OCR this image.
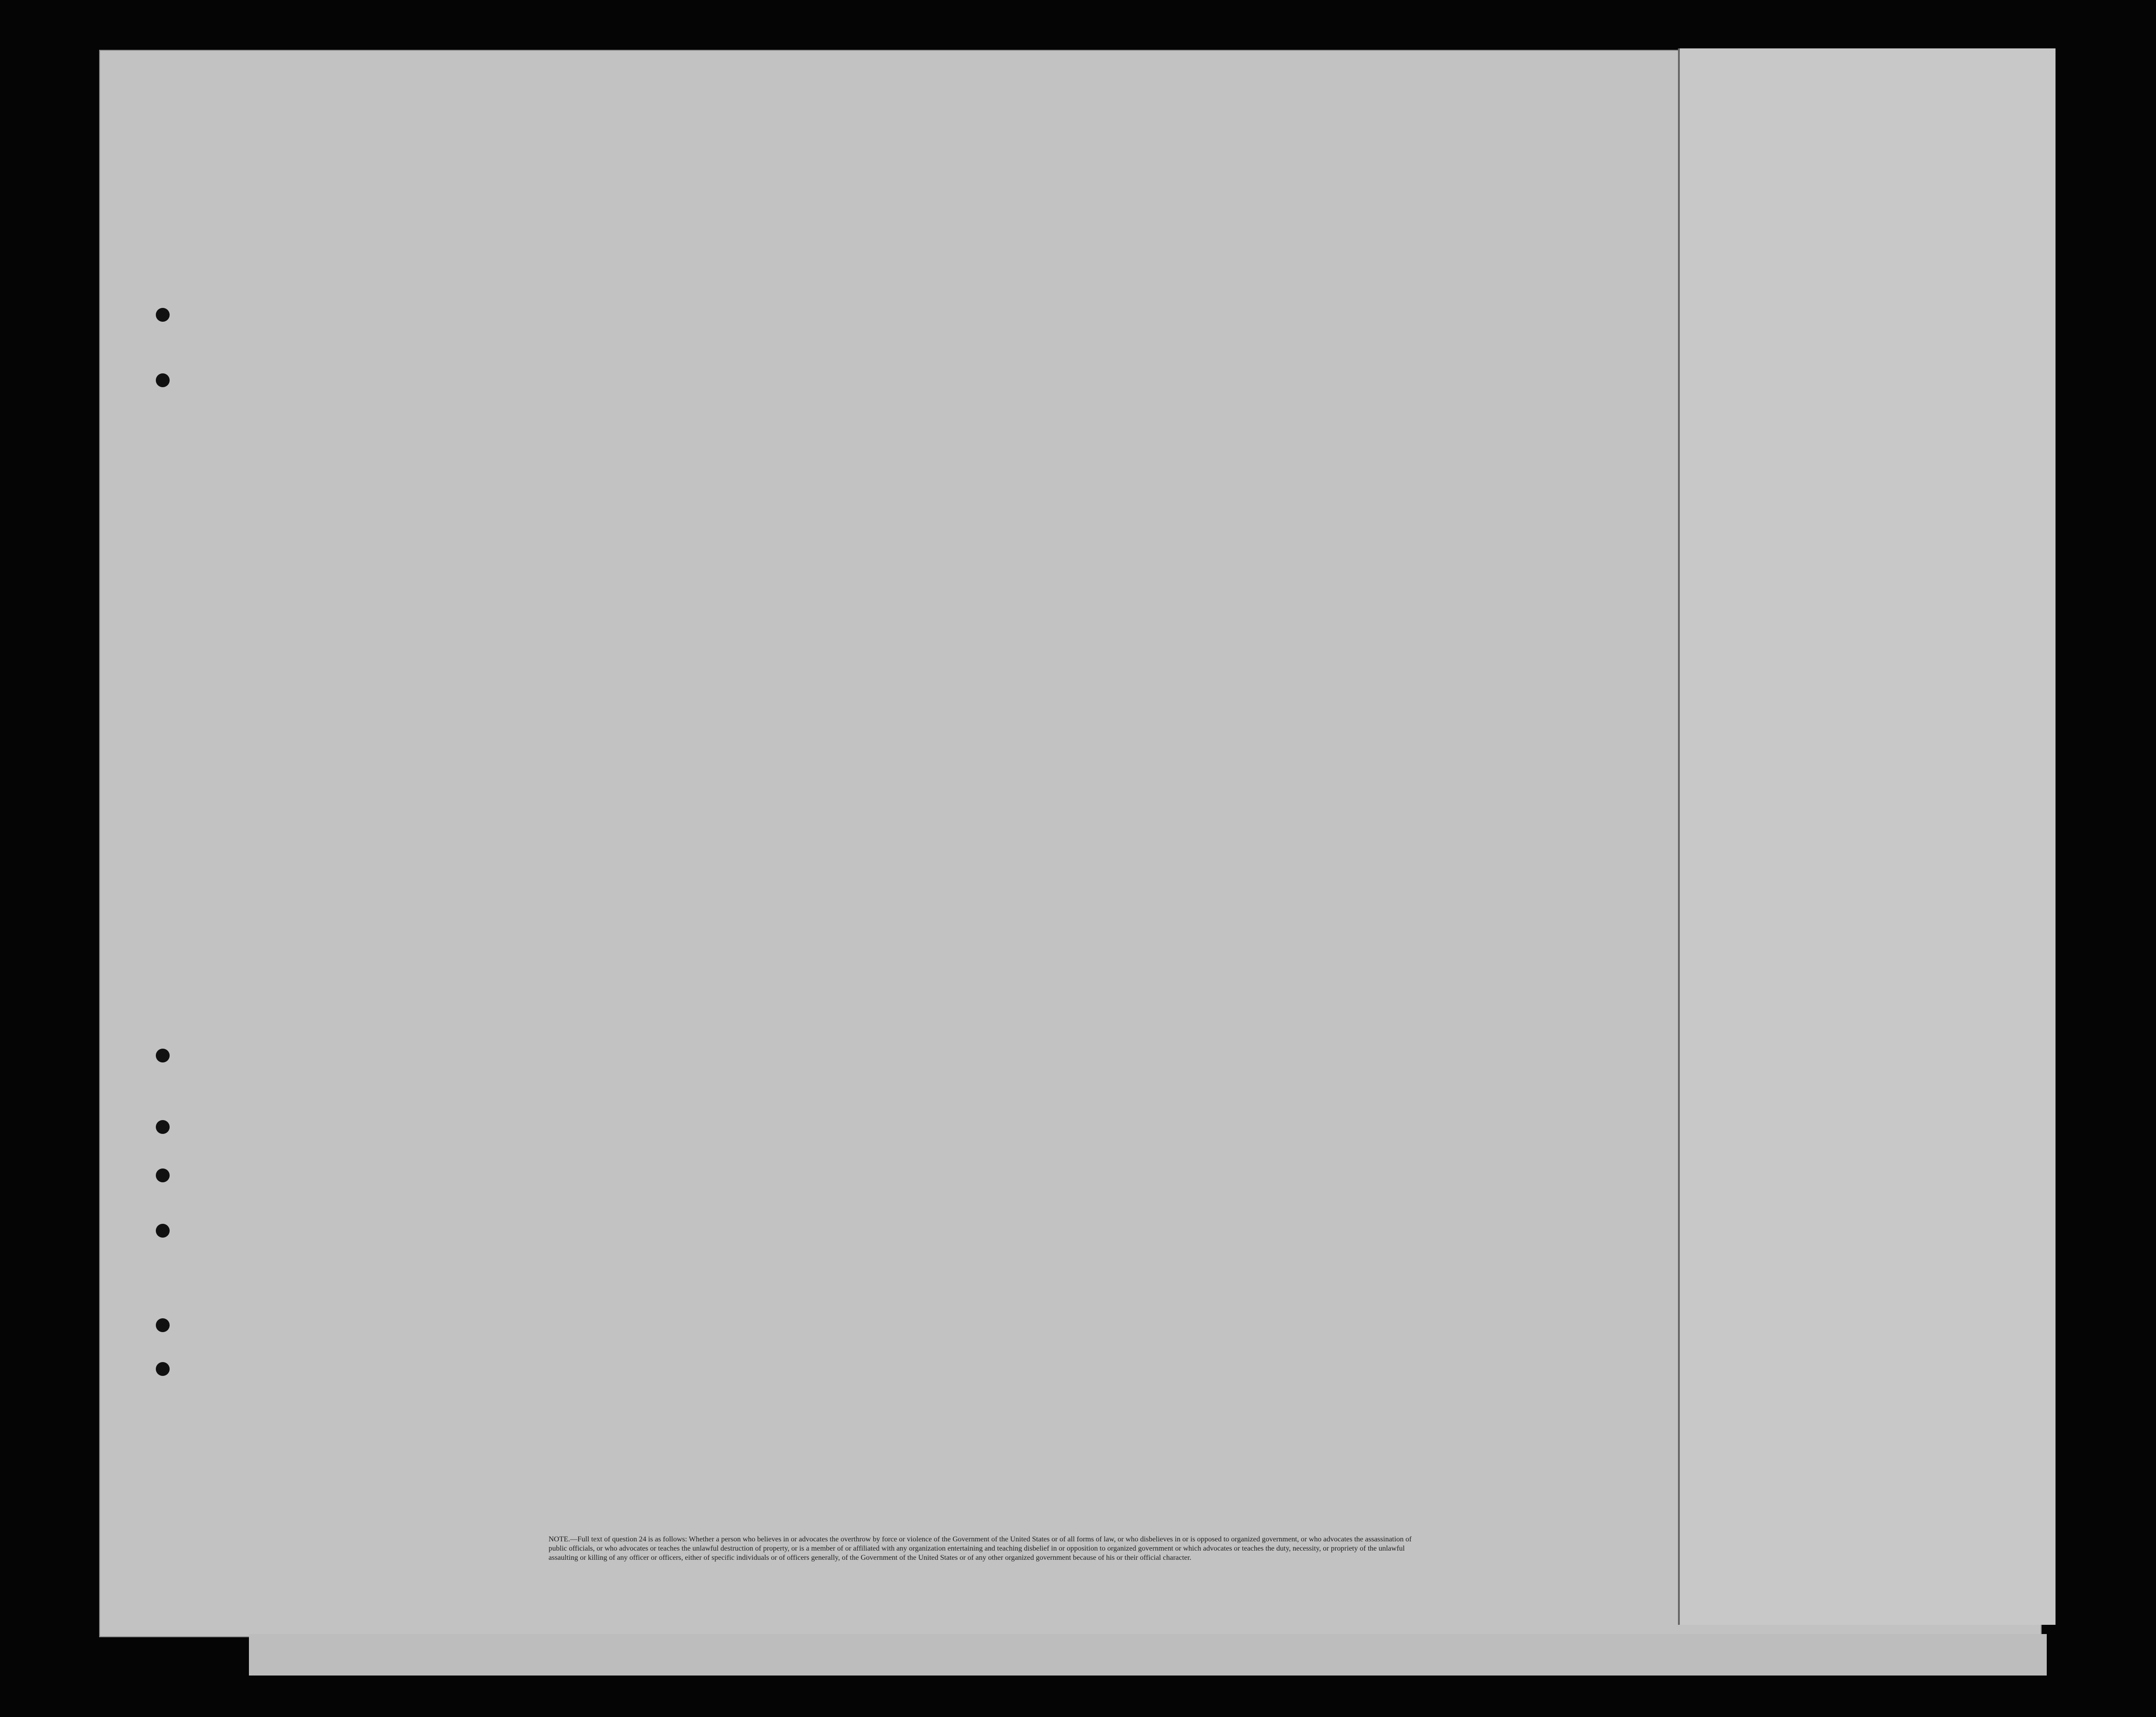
NOTE.—Full text of question 24 is as follows: Whether a person who believes in or advocates the overthrow by force or violence of the Government of the United States or of all forms of law, or who disbelieves in or is opposed to organized government, or who advocates the assassination of public officials, or who advocates or teaches the unlawful destruction of property, or is a member of or affiliated with any organization entertaining and teaching disbelief in or opposition to organized government or which advocates or teaches the duty, necessity, or propriety of the unlawful assaulting or killing of any officer or officers, either of specific individuals or of officers generally, of the Government of the United States or of any other organized government because of his or their official character.
